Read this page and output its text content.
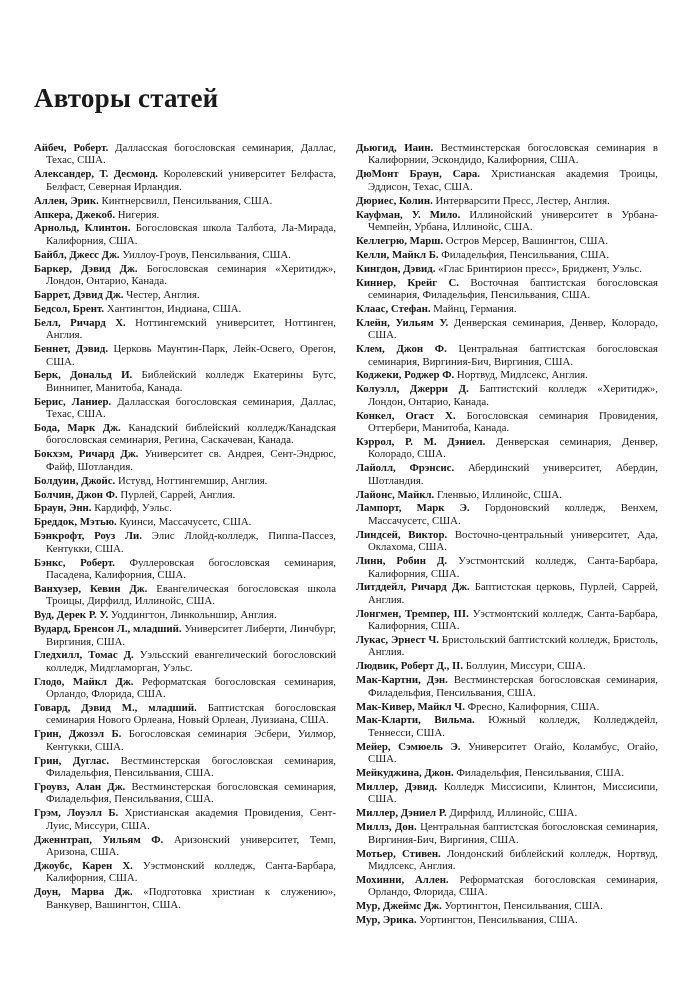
Авторы статей

Айбеч, Роберт. Далласская богословская семинария, Даллас, Техас, США.

Александер, Т. Десмонд. Королевский университет Белфаста, Белфаст, Северная Ирландия.

Аллен, Эрик. Кинтнерсвилл, Пенсильвания, США.

Апкера, Джекоб. Нигерия.

Арнольд, Клинтон. Богословская школа Талбота, Ла-Мирада, Калифорния, США.

Байбл, Джесс Дж. Уиллоу-Гроув, Пенсильвания, США.

Баркер, Дэвид Дж. Богословская семинария «Херитидж», Лондон, Онтарио, Канада.

Баррет, Дэвид Дж. Честер, Англия.

Бедсол, Брент. Хантингтон, Индиана, США.

Белл, Ричард Х. Ноттингемский университет, Ноттинген, Англия.

Беннет, Дэвид. Церковь Маунтин-Парк, Лейк-Освего, Орегон, США.

Берк, Дональд И. Библейский колледж Екатерины Бутс, Виннипег, Манитоба, Канада.

Берис, Ланиер. Далласская богословская семинария, Даллас, Техас, США.

Бода, Марк Дж. Канадский библейский колледж/Канадская богословская семинария, Регина, Саскачеван, Канада.

Бокхэм, Ричард Дж. Университет св. Андрея, Сент-Эндрюс, Файф, Шотландия.

Болдуин, Джойс. Истувд, Ноттингемшир, Англия.

Болчин, Джон Ф. Пурлей, Саррей, Англия.

Браун, Энн. Кардифф, Уэльс.

Бреддок, Мэтью. Куинси, Массачусетс, США.

Бэнкрофт, Роуз Ли. Элис Ллойд-колледж, Пиппа-Пассез, Кентукки, США.

Бэнкс, Роберт. Фуллеровская богословская семинария, Пасадена, Калифорния, США.

Ванхузер, Кевин Дж. Евангелическая богословская школа Троицы, Дирфилд, Иллинойс, США.

Вуд, Дерек Р. У. Уоддингтон, Линкольншир, Англия.

Вудард, Бренсон Л., младший. Университет Либерти, Линчбург, Виргиния, США.

Гледхилл, Томас Д. Уэльсский евангелический богословский колледж, Мидгламорган, Уэльс.

Глодо, Майкл Дж. Реформатская богословская семинария, Орландо, Флорида, США.

Говард, Дэвид М., младший. Баптистская богословская семинария Нового Орлеана, Новый Орлеан, Луизиана, США.

Грин, Джозэл Б. Богословская семинария Эсбери, Уилмор, Кентукки, США.

Грин, Дуглас. Вестминстерская богословская семинария, Филадельфия, Пенсильвания, США.

Гроувз, Алан Дж. Вестминстерская богословская семинария, Филадельфия, Пенсильвания, США.

Грэм, Лоуэлл Б. Христианская академия Провидения, Сент-Луис, Миссури, США.

Дженнтрап, Уильям Ф. Аризонский университет, Темп, Аризона, США.

Джоубс, Карен Х. Уэстмонский колледж, Санта-Барбара, Калифорния, США.

Доун, Марва Дж. «Подготовка христиан к служению», Ванкувер, Вашингтон, США.

Дьюгид, Иаин. Вестминстерская богословская семинария в Калифорнии, Эскондидо, Калифорния, США.

ДюМонт Браун, Сара. Христианская академия Троицы, Эддисон, Техас, США.

Дюриес, Колин. Интерварсити Пресс, Лестер, Англия.

Кауфман, У. Мило. Иллинойский университет в Урбана-Чемпейн, Урбана, Иллинойс, США.

Келлегрю, Марш. Остров Мерсер, Вашингтон, США.

Келли, Майкл Б. Филадельфия, Пенсильвания, США.

Кингдон, Дэвид. «Глас Бринтирион пресс», Бриджент, Уэльс.

Киннер, Крейг С. Восточная баптистская богословская семинария, Филадельфия, Пенсильвания, США.

Клаас, Стефан. Майнц, Германия.

Клейн, Уильям У. Денверская семинария, Денвер, Колорадо, США.

Клем, Джон Ф. Центральная баптистская богословская семинария, Виргиния-Бич, Виргиния, США.

Коджеки, Роджер Ф. Нортвуд, Мидлсекс, Англия.

Колуэлл, Джерри Д. Баптистский колледж «Херитидж», Лондон, Онтарио, Канада.

Конкел, Огаст Х. Богословская семинария Провидения, Оттербери, Манитоба, Канада.

Кэррол, Р. М. Дэниел. Денверская семинария, Денвер, Колорадо, США.

Лайолл, Фрэнсис. Абердинский университет, Абердин, Шотландия.

Лайонс, Майкл. Гленвью, Иллинойс, США.

Лампорт, Марк Э. Гордоновский колледж, Венхем, Массачусетс, США.

Линдсей, Виктор. Восточно-центральный университет, Ада, Оклахома, США.

Линн, Робин Д. Уэстмонтский колледж, Санта-Барбара, Калифорния, США.

Литддейл, Ричард Дж. Баптистская церковь, Пурлей, Саррей, Англия.

Лонгмен, Тремпер, III. Уэстмонтский колледж, Санта-Барбара, Калифорния, США.

Лукас, Эрнест Ч. Бристольский баптистский колледж, Бристоль, Англия.

Людвик, Роберт Д., II. Боллуин, Миссури, США.

Мак-Картни, Дэн. Вестминстерская богословская семинария, Филадельфия, Пенсильвания, США.

Мак-Кивер, Майкл Ч. Фресно, Калифорния, США.

Мак-Кларти, Вильма. Южный колледж, Колледждейл, Теннесси, США.

Мейер, Сэмюель Э. Университет Огайо, Коламбус, Огайо, США.

Мейкуджина, Джон. Филадельфия, Пенсильвания, США.

Миллер, Дэвид. Колледж Миссисипи, Клинтон, Миссисипи, США.

Миллер, Дэниел Р. Дирфилд, Иллинойс, США.

Миллз, Дон. Центральная баптистская богословская семинария, Виргиния-Бич, Виргиния, США.

Мотьер, Стивен. Лондонский библейский колледж, Нортвуд, Мидлсекс, Англия.

Мохинни, Аллен. Реформатская богословская семинария, Орландо, Флорида, США.

Мур, Джеймс Дж. Уортингтон, Пенсильвания, США.

Мур, Эрика. Уортингтон, Пенсильвания, США.
